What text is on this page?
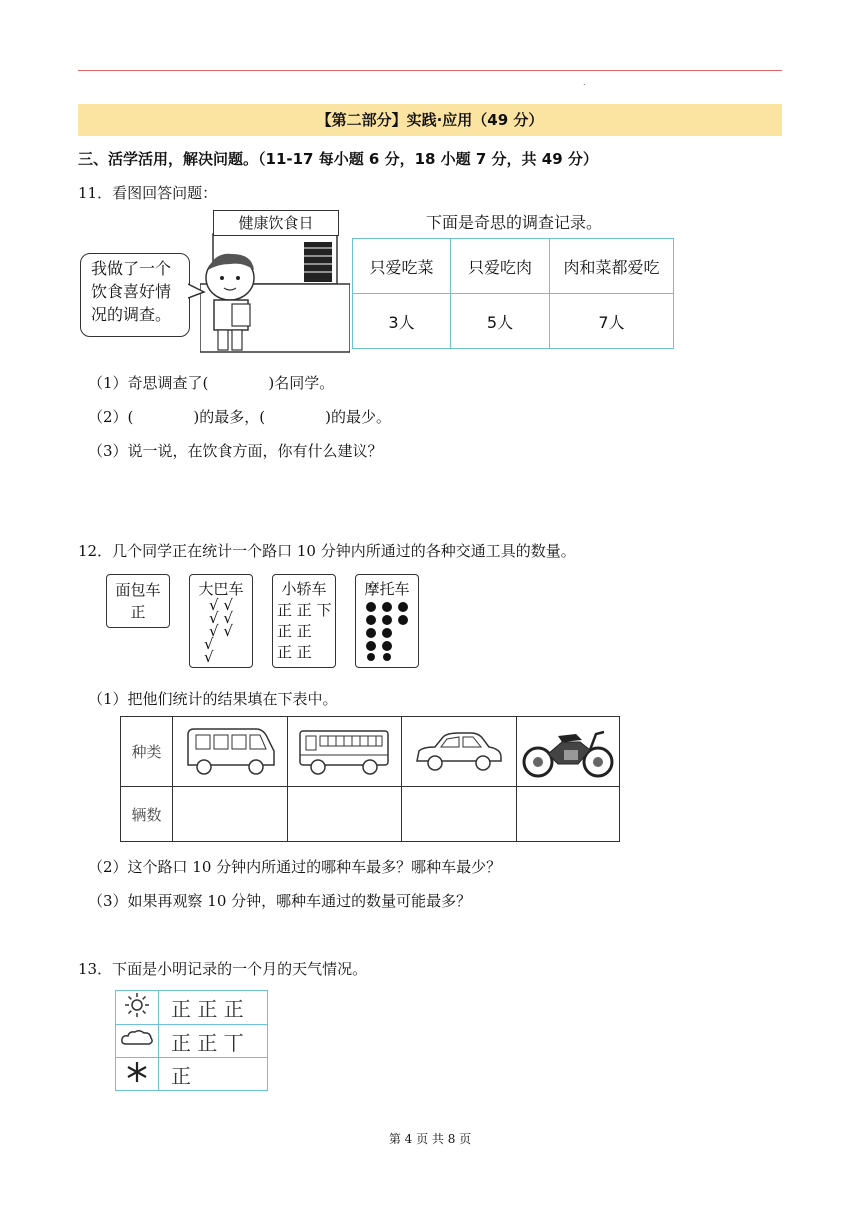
.
【第二部分】实践·应用（49 分）
三、活学活用，解决问题。（11-17 每小题 6 分，18 小题 7 分，共 49 分）
11．看图回答问题：
健康饮食日
我做了一个
饮食喜好情
况的调查。
下面是奇思的调查记录。
只爱吃菜	只爱吃肉	肉和菜都爱吃
3人	5人	7人
（1）奇思调查了(	)名同学。
（2）(	)的最多，(	)的最少。
（3）说一说，在饮食方面，你有什么建议？
12．几个同学正在统计一个路口 10 分钟内所通过的各种交通工具的数量。
面包车
正
大巴车
√ √
√ √
√ √
√
√
小轿车
正 正 下
正 正
正 正
摩托车
（1）把他们统计的结果填在下表中。
种类				
辆数				
（2）这个路口 10 分钟内所通过的哪种车最多？哪种车最少？
（3）如果再观察 10 分钟，哪种车通过的数量可能最多？
13．下面是小明记录的一个月的天气情况。
	正 正 正
	正 正 丅
	正
第 4 页 共 8 页
